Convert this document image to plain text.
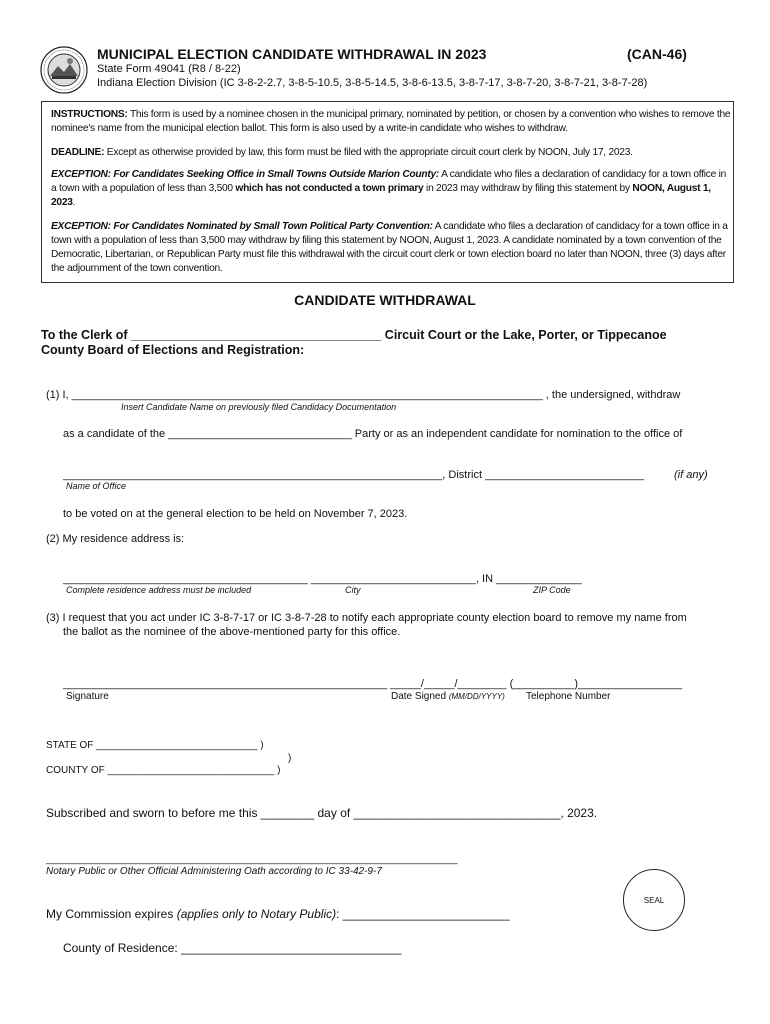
MUNICIPAL ELECTION CANDIDATE WITHDRAWAL IN 2023	(CAN-46)
State Form 49041 (R8 / 8-22)
Indiana Election Division (IC 3-8-2-2.7, 3-8-5-10.5, 3-8-5-14.5, 3-8-6-13.5, 3-8-7-17, 3-8-7-20, 3-8-7-21, 3-8-7-28)

INSTRUCTIONS: This form is used by a nominee chosen in the municipal primary, nominated by petition, or chosen by a convention who wishes to remove the nominee's name from the municipal election ballot. This form is also used by a write-in candidate who wishes to withdraw.

DEADLINE: Except as otherwise provided by law, this form must be filed with the appropriate circuit court clerk by NOON, July 17, 2023.

EXCEPTION: For Candidates Seeking Office in Small Towns Outside Marion County: A candidate who files a declaration of candidacy for a town office in a town with a population of less than 3,500 which has not conducted a town primary in 2023 may withdraw by filing this statement by NOON, August 1, 2023.

EXCEPTION: For Candidates Nominated by Small Town Political Party Convention: A candidate who files a declaration of candidacy for a town office in a town with a population of less than 3,500 may withdraw by filing this statement by NOON, August 1, 2023. A candidate nominated by a town convention of the Democratic, Libertarian, or Republican Party must file this withdrawal with the circuit court clerk or town election board no later than NOON, three (3) days after the adjournment of the town convention.

CANDIDATE WITHDRAWAL
To the Clerk of ____________________________________ Circuit Court or the Lake, Porter, or Tippecanoe
County Board of Elections and Registration:
(1) I, _____________________________________________________________________________ , the undersigned, withdraw
Insert Candidate Name on previously filed Candidacy Documentation
as a candidate of the ______________________________ Party or as an independent candidate for nomination to the office of
______________________________________________________________, District __________________________	(if any)
Name of Office
to be voted on at the general election to be held on November 7, 2023.
(2) My residence address is:
________________________________________ ___________________________, IN ______________
Complete residence address must be included	City	ZIP Code
(3) I request that you act under IC 3-8-7-17 or IC 3-8-7-28 to notify each appropriate county election board to remove my name from
the ballot as the nominee of the above-mentioned party for this office.
_____________________________________________________ _____/_____/________ (__________)_________________
Signature	Date Signed (MM/DD/YYYY) Telephone Number
STATE OF _____________________________ )
)
COUNTY OF ______________________________ )
Subscribed and sworn to before me this ________ day of _______________________________, 2023.
__________________________________________________________________________
Notary Public or Other Official Administering Oath according to IC 33-42-9-7
My Commission expires (applies only to Notary Public): _________________________
County of Residence: _________________________________
SEAL
